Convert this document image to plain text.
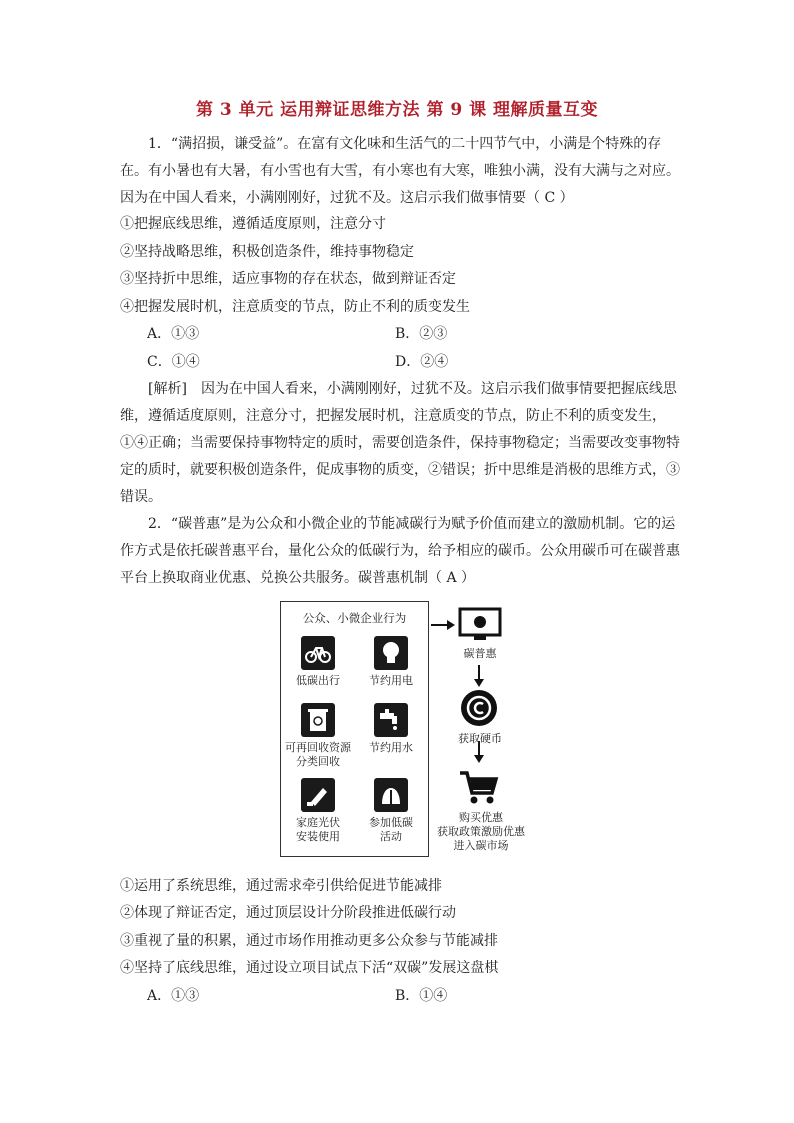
第 3 单元 运用辩证思维方法 第 9 课 理解质量互变
1．“满招损，谦受益”。在富有文化味和生活气的二十四节气中，小满是个特殊的存在。有小暑也有大暑，有小雪也有大雪，有小寒也有大寒，唯独小满，没有大满与之对应。因为在中国人看来，小满刚刚好，过犹不及。这启示我们做事情要（ C ）
①把握底线思维，遵循适度原则，注意分寸
②坚持战略思维，积极创造条件，维持事物稳定
③坚持折中思维，适应事物的存在状态，做到辩证否定
④把握发展时机，注意质变的节点，防止不利的质变发生
A．①③	B．②③
C．①④	D．②④
[解析] 因为在中国人看来，小满刚刚好，过犹不及。这启示我们做事情要把握底线思维，遵循适度原则，注意分寸，把握发展时机，注意质变的节点，防止不利的质变发生，①④正确；当需要保持事物特定的质时，需要创造条件，保持事物稳定；当需要改变事物特定的质时，就要积极创造条件，促成事物的质变，②错误；折中思维是消极的思维方式，③错误。
2．“碳普惠”是为公众和小微企业的节能减碳行为赋予价值而建立的激励机制。它的运作方式是依托碳普惠平台，量化公众的低碳行为，给予相应的碳币。公众用碳币可在碳普惠平台上换取商业优惠、兑换公共服务。碳普惠机制（ A ）
公众、小微企业行为
低碳出行	节约用电
可再回收资源
分类回收
节约用水
家庭光伏
安装使用
参加低碳
活动
碳普惠
获取硬币
购买优惠
获取政策激励优惠
进入碳市场
①运用了系统思维，通过需求牵引供给促进节能减排
②体现了辩证否定，通过顶层设计分阶段推进低碳行动
③重视了量的积累，通过市场作用推动更多公众参与节能减排
④坚持了底线思维，通过设立项目试点下活“双碳”发展这盘棋
A．①③	B．①④
